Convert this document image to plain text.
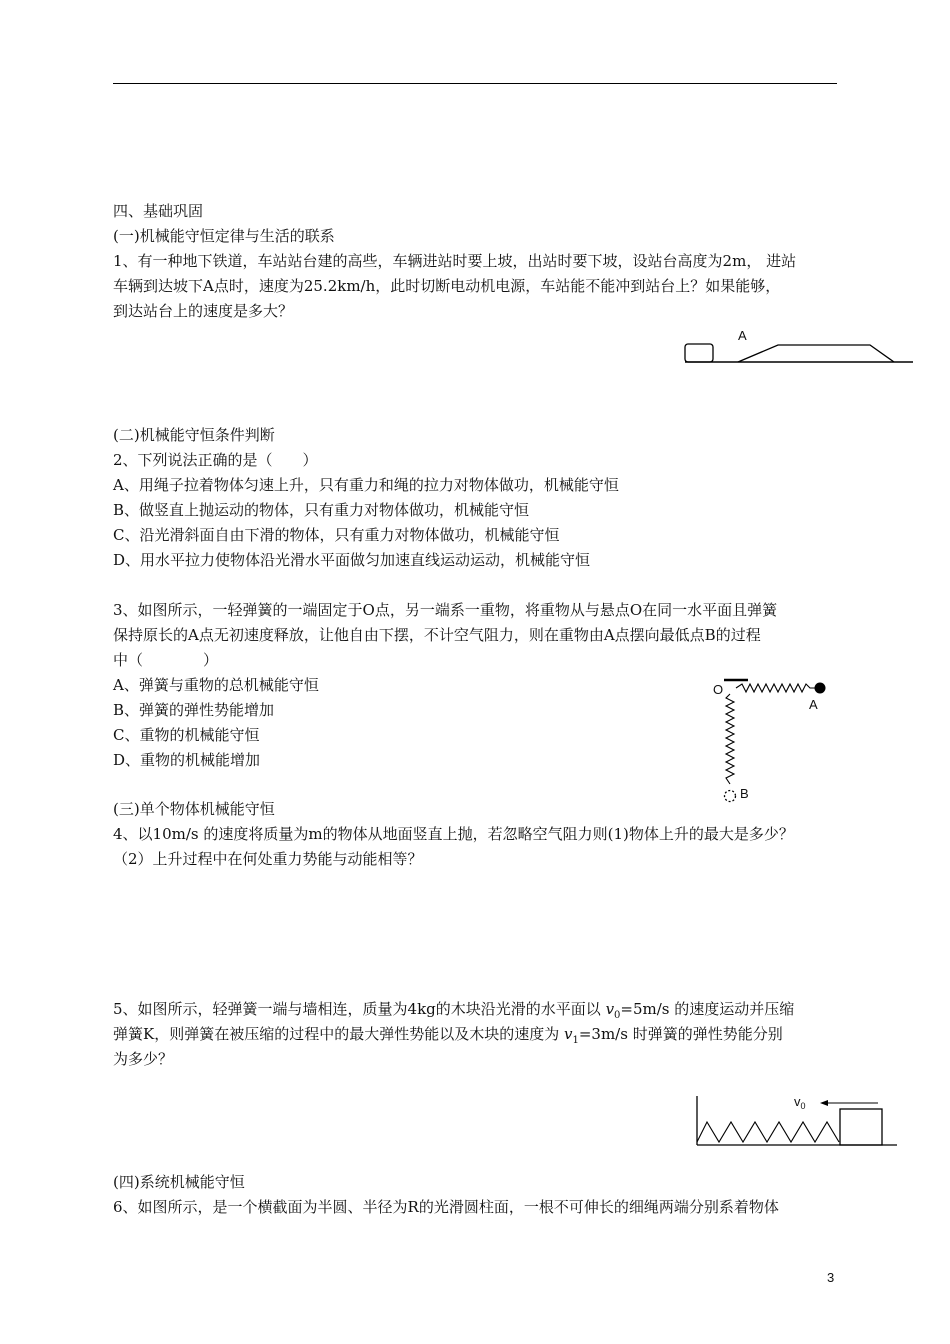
四、基础巩固
(一)机械能守恒定律与生活的联系
1、有一种地下铁道，车站站台建的高些，车辆进站时要上坡，出站时要下坡，设站台高度为2m， 进站
车辆到达坡下A点时，速度为25.2km/h，此时切断电动机电源，车站能不能冲到站台上？如果能够，
到达站台上的速度是多大？
A
(二)机械能守恒条件判断
2、下列说法正确的是（　　）
A、用绳子拉着物体匀速上升，只有重力和绳的拉力对物体做功，机械能守恒
B、做竖直上抛运动的物体，只有重力对物体做功，机械能守恒
C、沿光滑斜面自由下滑的物体，只有重力对物体做功，机械能守恒
D、用水平拉力使物体沿光滑水平面做匀加速直线运动运动，机械能守恒
3、如图所示，一轻弹簧的一端固定于O点，另一端系一重物，将重物从与悬点O在同一水平面且弹簧
保持原长的A点无初速度释放，让他自由下摆，不计空气阻力，则在重物由A点摆向最低点B的过程
中（　　　　）
A、弹簧与重物的总机械能守恒
B、弹簧的弹性势能增加
C、重物的机械能守恒
D、重物的机械能增加
O
A
B
(三)单个物体机械能守恒
4、以10m/s 的速度将质量为m的物体从地面竖直上抛，若忽略空气阻力则(1)物体上升的最大是多少？
（2）上升过程中在何处重力势能与动能相等？
5、如图所示，轻弹簧一端与墙相连，质量为4kg的木块沿光滑的水平面以 $v_0=5m/s$ 的速度运动并压缩
弹簧K，则弹簧在被压缩的过程中的最大弹性势能以及木块的速度为 $v_1=3m/s$ 时弹簧的弹性势能分别
为多少？
$v_0$
(四)系统机械能守恒
6、如图所示，是一个横截面为半圆、半径为R的光滑圆柱面，一根不可伸长的细绳两端分别系着物体
3
